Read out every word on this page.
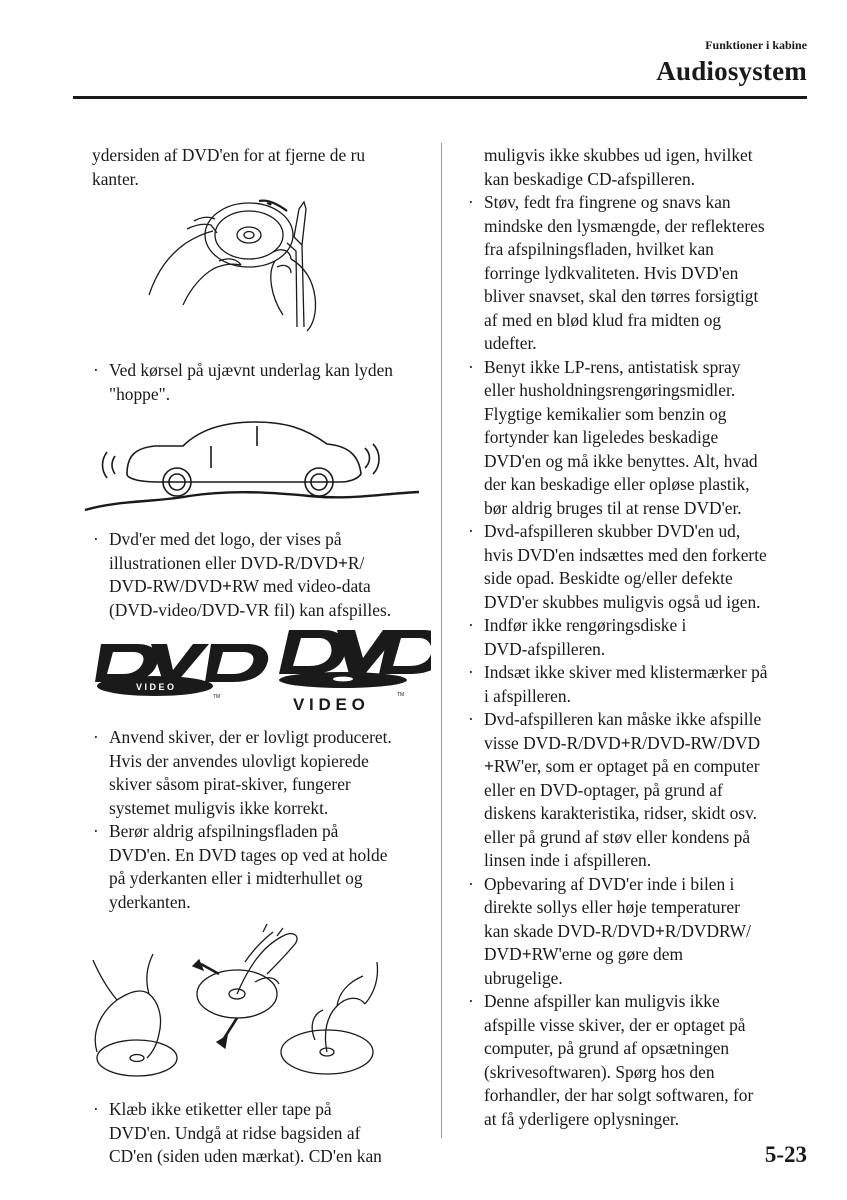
Funktioner i kabine
Audiosystem

ydersiden af DVD'en for at fjerne de ru

kanter.

· Ved kørsel på ujævnt underlag kan lyden

"hoppe".

· Dvd'er med det logo, der vises på

illustrationen eller DVD-R/DVD+R/

DVD-RW/DVD+RW med video-data

(DVD-video/DVD-VR fil) kan afspilles.

V I D E O
TM	V I D E O	TM
· Anvend skiver, der er lovligt produceret.

Hvis der anvendes ulovligt kopierede

skiver såsom pirat-skiver, fungerer

systemet muligvis ikke korrekt.

· Berør aldrig afspilningsfladen på

DVD'en. En DVD tages op ved at holde

på yderkanten eller i midterhullet og

yderkanten.

· Klæb ikke etiketter eller tape på

DVD'en. Undgå at ridse bagsiden af

CD'en (siden uden mærkat). CD'en kan

muligvis ikke skubbes ud igen, hvilket

kan beskadige CD-afspilleren.

· Støv, fedt fra fingrene og snavs kan

mindske den lysmængde, der reflekteres

fra afspilningsfladen, hvilket kan

forringe lydkvaliteten. Hvis DVD'en

bliver snavset, skal den tørres forsigtigt

af med en blød klud fra midten og

udefter.

· Benyt ikke LP-rens, antistatisk spray

eller husholdningsrengøringsmidler.

Flygtige kemikalier som benzin og

fortynder kan ligeledes beskadige

DVD'en og må ikke benyttes. Alt, hvad

der kan beskadige eller opløse plastik,

bør aldrig bruges til at rense DVD'er.

· Dvd-afspilleren skubber DVD'en ud,

hvis DVD'en indsættes med den forkerte

side opad. Beskidte og/eller defekte

DVD'er skubbes muligvis også ud igen.

· Indfør ikke rengøringsdiske i

DVD-afspilleren.

· Indsæt ikke skiver med klistermærker på

i afspilleren.

· Dvd-afspilleren kan måske ikke afspille

visse DVD-R/DVD+R/DVD-RW/DVD

+RW'er, som er optaget på en computer

eller en DVD-optager, på grund af

diskens karakteristika, ridser, skidt osv.

eller på grund af støv eller kondens på

linsen inde i afspilleren.

· Opbevaring af DVD'er inde i bilen i

direkte sollys eller høje temperaturer

kan skade DVD-R/DVD+R/DVDRW/

DVD+RW'erne og gøre dem

ubrugelige.

· Denne afspiller kan muligvis ikke

afspille visse skiver, der er optaget på

computer, på grund af opsætningen

(skrivesoftwaren). Spørg hos den

forhandler, der har solgt softwaren, for

at få yderligere oplysninger.

5-23
